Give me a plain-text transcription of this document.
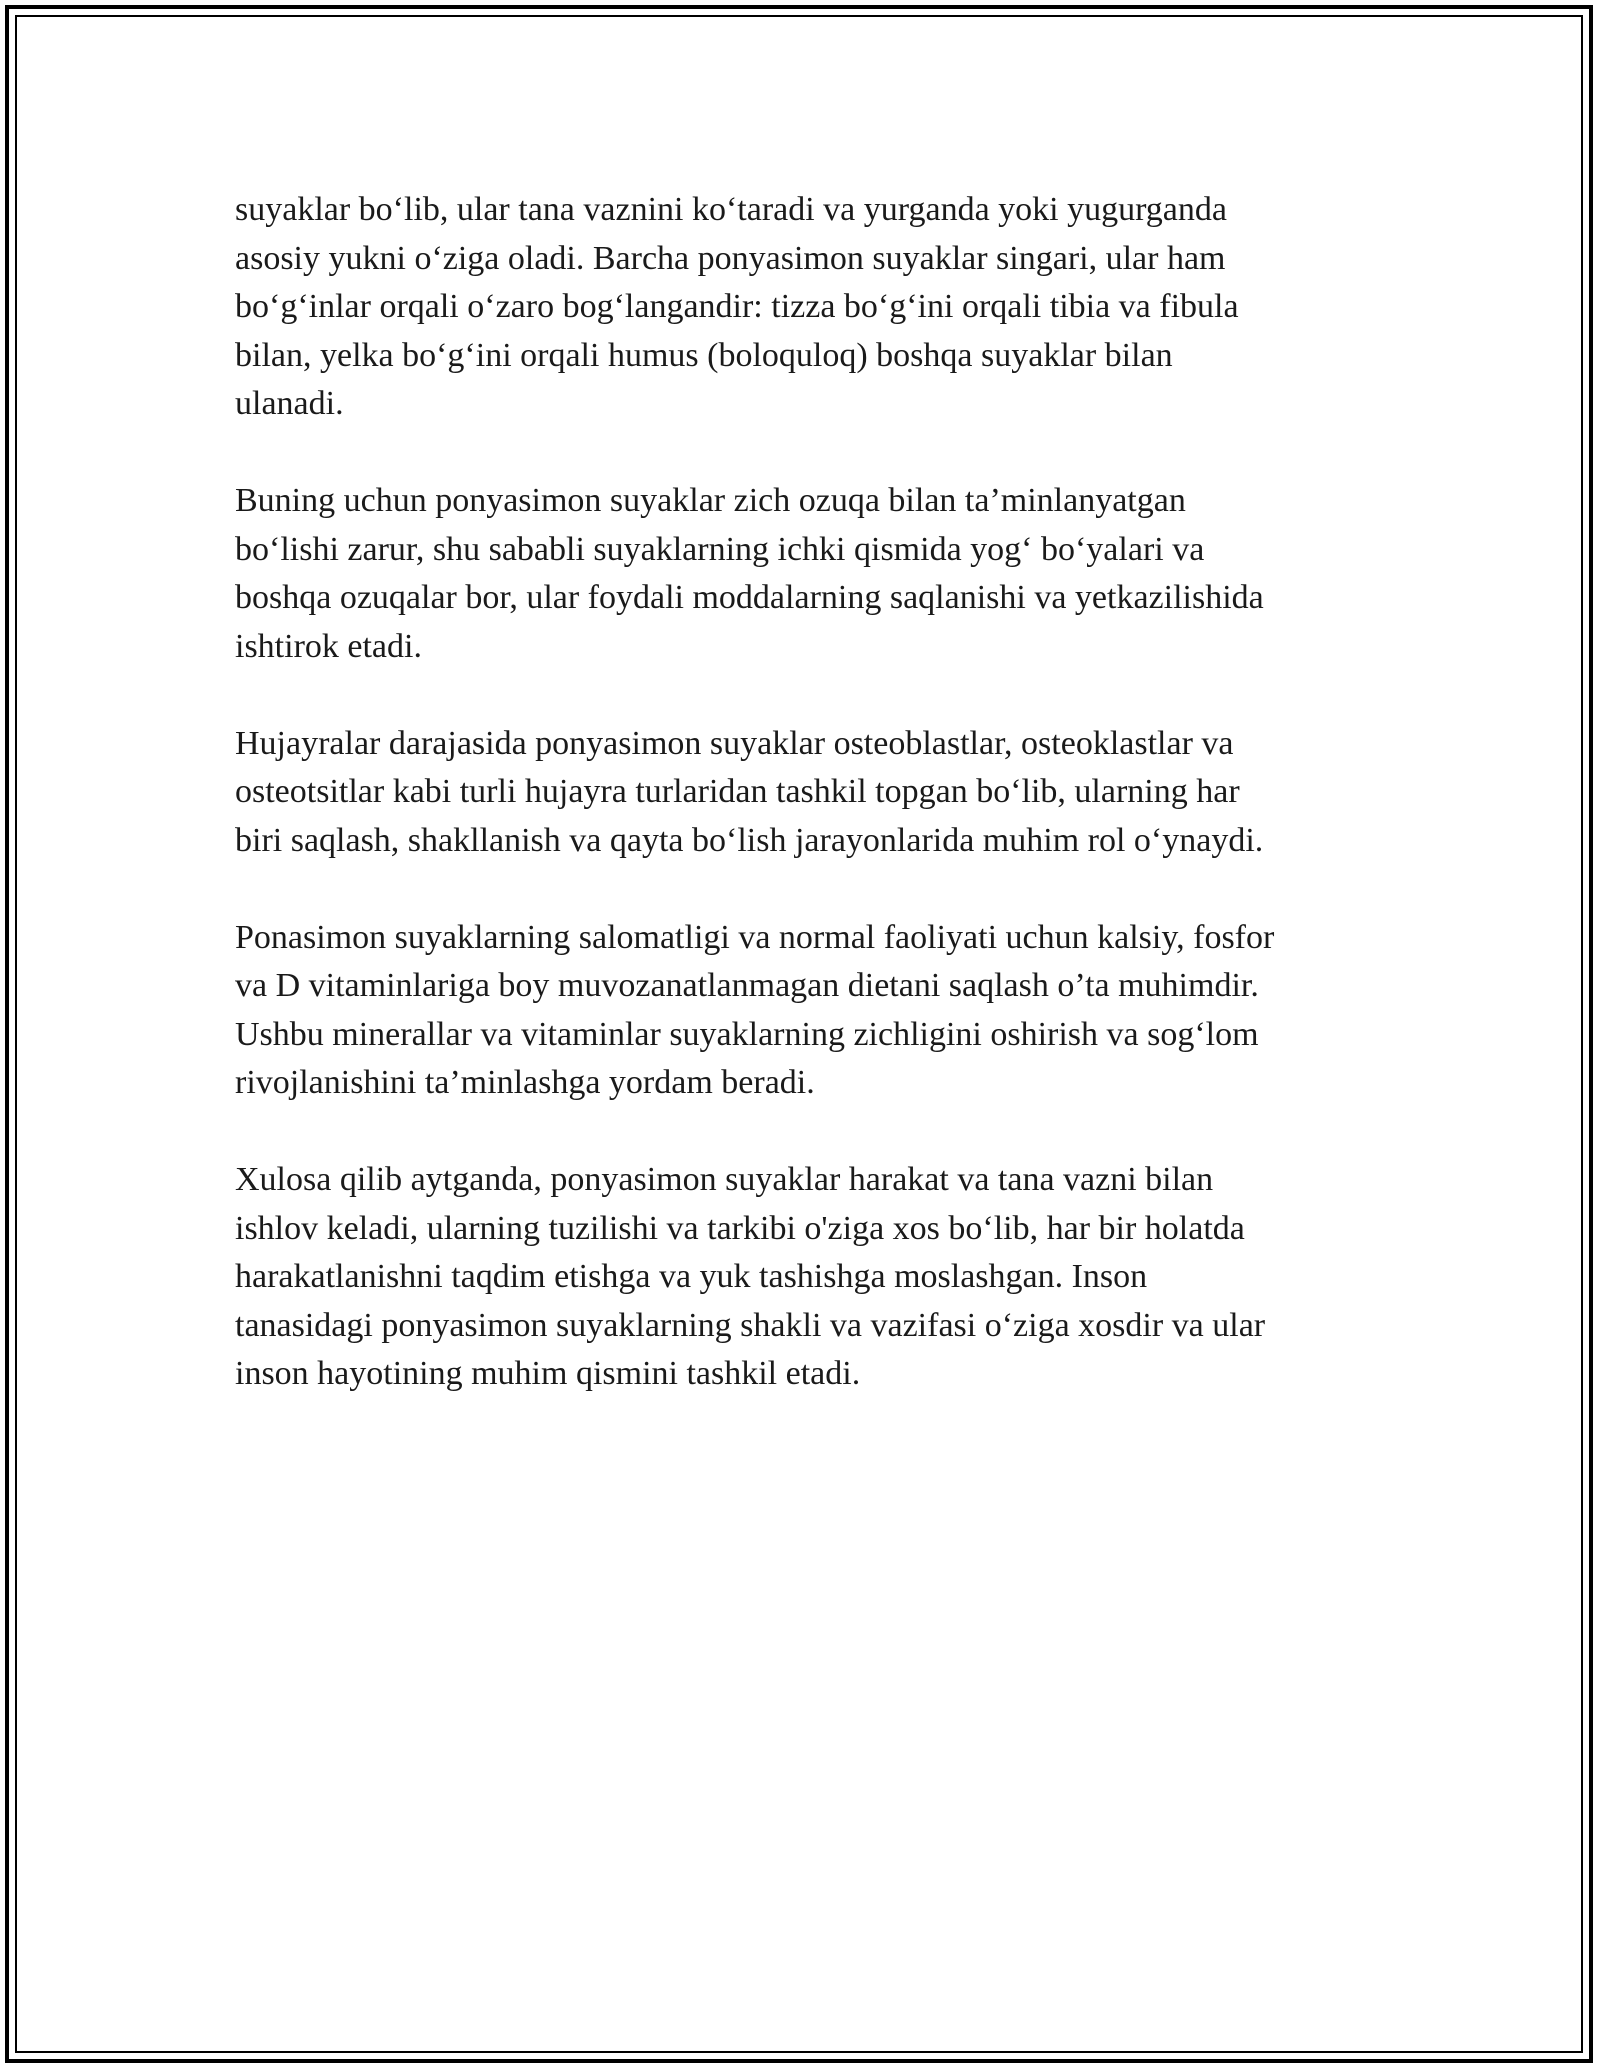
suyaklar bo‘lib, ular tana vaznini ko‘taradi va yurganda yoki yugurganda
asosiy yukni o‘ziga oladi. Barcha ponyasimon suyaklar singari, ular ham
bo‘g‘inlar orqali o‘zaro bog‘langandir: tizza bo‘g‘ini orqali tibia va fibula
bilan, yelka bo‘g‘ini orqali humus (boloquloq) boshqa suyaklar bilan
ulanadi.

Buning uchun ponyasimon suyaklar zich ozuqa bilan ta’minlanyatgan
bo‘lishi zarur, shu sababli suyaklarning ichki qismida yog‘ bo‘yalari va
boshqa ozuqalar bor, ular foydali moddalarning saqlanishi va yetkazilishida
ishtirok etadi.

Hujayralar darajasida ponyasimon suyaklar osteoblastlar, osteoklastlar va
osteotsitlar kabi turli hujayra turlaridan tashkil topgan bo‘lib, ularning har
biri saqlash, shakllanish va qayta bo‘lish jarayonlarida muhim rol o‘ynaydi.

Ponasimon suyaklarning salomatligi va normal faoliyati uchun kalsiy, fosfor
va D vitaminlariga boy muvozanatlanmagan dietani saqlash o’ta muhimdir.
Ushbu minerallar va vitaminlar suyaklarning zichligini oshirish va sog‘lom
rivojlanishini ta’minlashga yordam beradi.

Xulosa qilib aytganda, ponyasimon suyaklar harakat va tana vazni bilan
ishlov keladi, ularning tuzilishi va tarkibi o'ziga xos bo‘lib, har bir holatda
harakatlanishni taqdim etishga va yuk tashishga moslashgan. Inson
tanasidagi ponyasimon suyaklarning shakli va vazifasi o‘ziga xosdir va ular
inson hayotining muhim qismini tashkil etadi.
